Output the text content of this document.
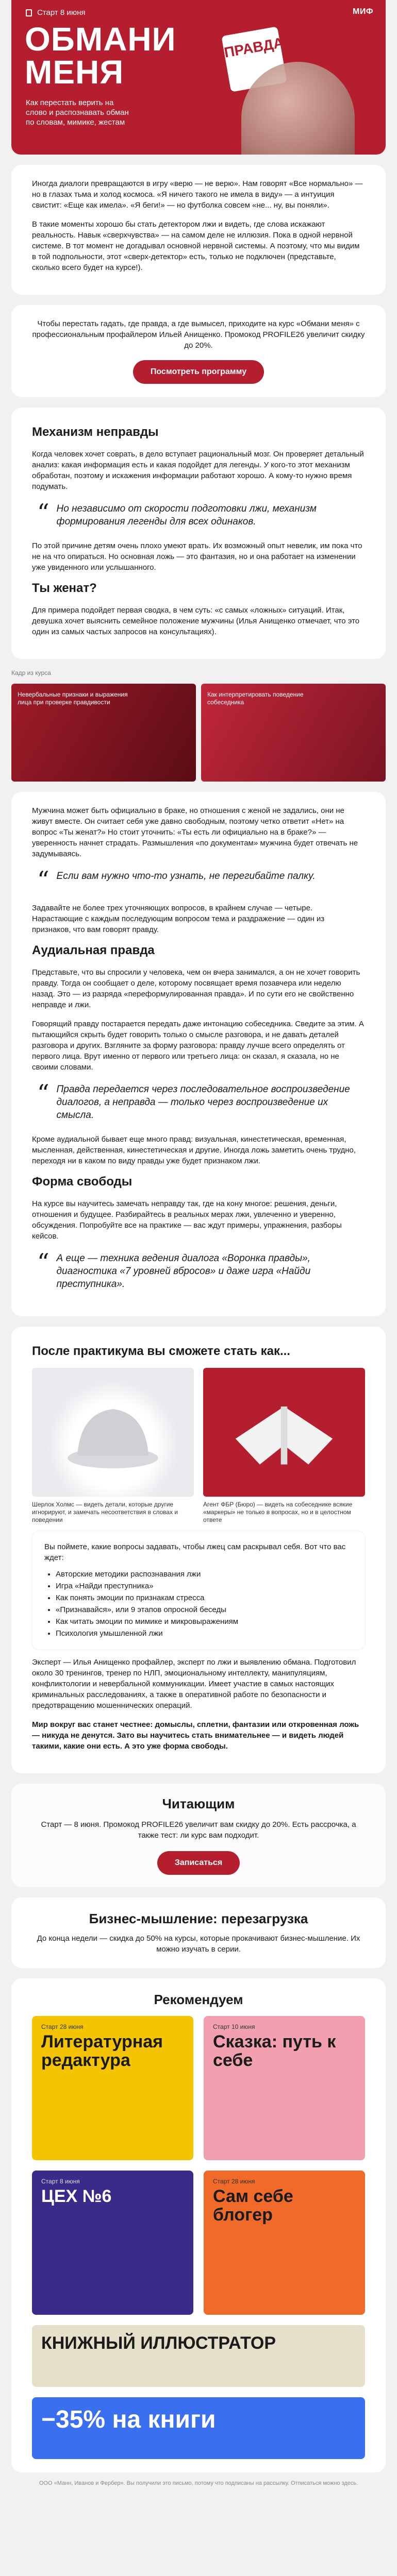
Старт 8 июня	МИФ
ОБМАНИ
МЕНЯ
ПРАВДА
Как перестать верить на слово и распознавать обман по словам, мимике, жестам

Иногда диалоги превращаются в игру «верю — не верю». Нам говорят «Все нормально» — но в глазах тьма и холод космоса. «Я ничего такого не имела в виду» — а интуиция свистит: «Еще как имела». «Я беги!» — но футболка совсем «не... ну, вы поняли».

В такие моменты хорошо бы стать детектором лжи и видеть, где слова искажают реальность. Навык «сверхчувства» — на самом деле не иллюзия. Пока в одной нервной системе. В тот момент не догадывал основной нервной системы. А поэтому, что мы видим в той подпольности, этот «сверх-детектор» есть, только не подключен (представьте, сколько всего будет на курсе!).

Чтобы перестать гадать, где правда, а где вымысел, приходите на курс «Обмани меня» с профессиональным профайлером Ильей Анищенко. Промокод PROFILE26 увеличит скидку до 20%.

Посмотреть программу
Механизм неправды

Когда человек хочет соврать, в дело вступает рациональный мозг. Он проверяет детальный анализ: какая информация есть и какая подойдет для легенды. У кого-то этот механизм обработан, поэтому и искажения информации работают хорошо. А кому-то нужно время подумать.

“ Но независимо от скорости подготовки лжи, механизм формирования легенды для всех одинаков.

По этой причине детям очень плохо умеют врать. Их возможный опыт невелик, им пока что не на что опираться. Но основная ложь — это фантазия, но и она работает на изменении уже увиденного или услышанного.

Ты женат?

Для примера подойдет первая сводка, в чем суть: «с самых «ложных» ситуаций. Итак, девушка хочет выяснить семейное положение мужчины (Илья Анищенко отмечает, что это один из самых частых запросов на консультациях).

Кадр из курса
Невербальные признаки и выражения лица при проверке правдивости
Как интерпретировать поведение собеседника

Мужчина может быть официально в браке, но отношения с женой не задались, они не живут вместе. Он считает себя уже давно свободным, поэтому четко ответит «Нет» на вопрос «Ты женат?» Но стоит уточнить: «Ты есть ли официально на в браке?» — уверенность начнет страдать. Размышления «по документам» мужчина будет отвечать не задумываясь.

“ Если вам нужно что-то узнать, не перегибайте палку.

Задавайте не более трех уточняющих вопросов, в крайнем случае — четыре. Нарастающие с каждым последующим вопросом тема и раздражение — один из признаков, что вам говорят правду.

Аудиальная правда

Представьте, что вы спросили у человека, чем он вчера занимался, а он не хочет говорить правду. Тогда он сообщает о деле, которому посвящает время позавчера или неделю назад. Это — из разряда «переформулированная правда». И по сути его не свойственно неправде и лжи.

Говорящий правду постарается передать даже интонацию собеседника. Сведите за этим. А пытающийся скрыть будет говорить только о смысле разговора, и не давать деталей разговора и других. Взгляните за форму разговора: правду лучше всего определять от первого лица. Врут именно от первого или третьего лица: он сказал, я сказала, но не своими словами.

“ Правда передается через последовательное воспроизведение диалогов, а неправда — только через воспроизведение их смысла.

Кроме аудиальной бывает еще много правд: визуальная, кинестетическая, временная, мысленная, действенная, кинестетическая и другие. Иногда ложь заметить очень трудно, переходя ни в каком по виду правды уже будет признаком лжи.

Форма свободы

На курсе вы научитесь замечать неправду так, где на кону многое: решения, деньги, отношения и будущее. Разбирайтесь в реальных мерах лжи, увлеченно и уверенно, обсуждения. Попробуйте все на практике — вас ждут примеры, упражнения, разборы кейсов.

“ А еще — техника ведения диалога «Воронка правды», диагностика «7 уровней вбросов» и даже игра «Найди преступника».
После практикума вы сможете стать как...
Шерлок Холмс — видеть детали, которые другие игнорируют, и замечать несоответствия в словах и поведении
Агент ФБР (Бюро) — видеть на собеседнике всякие «маркеры» не только в вопросах, но и в целостном ответе

Вы поймете, какие вопросы задавать, чтобы лжец сам раскрывал себя. Вот что вас ждет:

• Авторские методики распознавания лжи
• Игра «Найди преступника»
• Как понять эмоции по признакам стресса
• «Признавайся», или 9 этапов опросной беседы
• Как читать эмоции по мимике и микровыражениям
• Психология умышленной лжи

Эксперт — Илья Анищенко профайлер, эксперт по лжи и выявлению обмана. Подготовил около 30 тренингов, тренер по НЛП, эмоциональному интеллекту, манипуляциям, конфликтологии и невербальной коммуникации. Имеет участие в самых настоящих криминальных расследованиях, а также в оперативной работе по безопасности и предотвращению мошеннических операций.

Мир вокруг вас станет честнее: домыслы, сплетни, фантазии или откровенная ложь — никуда не денутся. Зато вы научитесь стать внимательнее — и видеть людей такими, какие они есть. А это уже форма свободы.

Читающим

Старт — 8 июня. Промокод PROFILE26 увеличит вам скидку до 20%. Есть рассрочка, а также тест: ли курс вам подходит.

Записаться
Бизнес-мышление: перезагрузка

До конца недели — скидка до 50% на курсы, которые прокачивают бизнес-мышление. Их можно изучать в серии.

Рекомендуем
Старт 28 июня
Литературная редактура
Старт 10 июня
Сказка: путь к себе
Старт 8 июня
ЦЕХ №6
Старт 28 июня
Сам себе блогер
КНИЖНЫЙ ИЛЛЮСТРАТОР
−35% на книги
ООО «Манн, Иванов и Фербер». Вы получили это письмо, потому что подписаны на рассылку. Отписаться можно здесь.
